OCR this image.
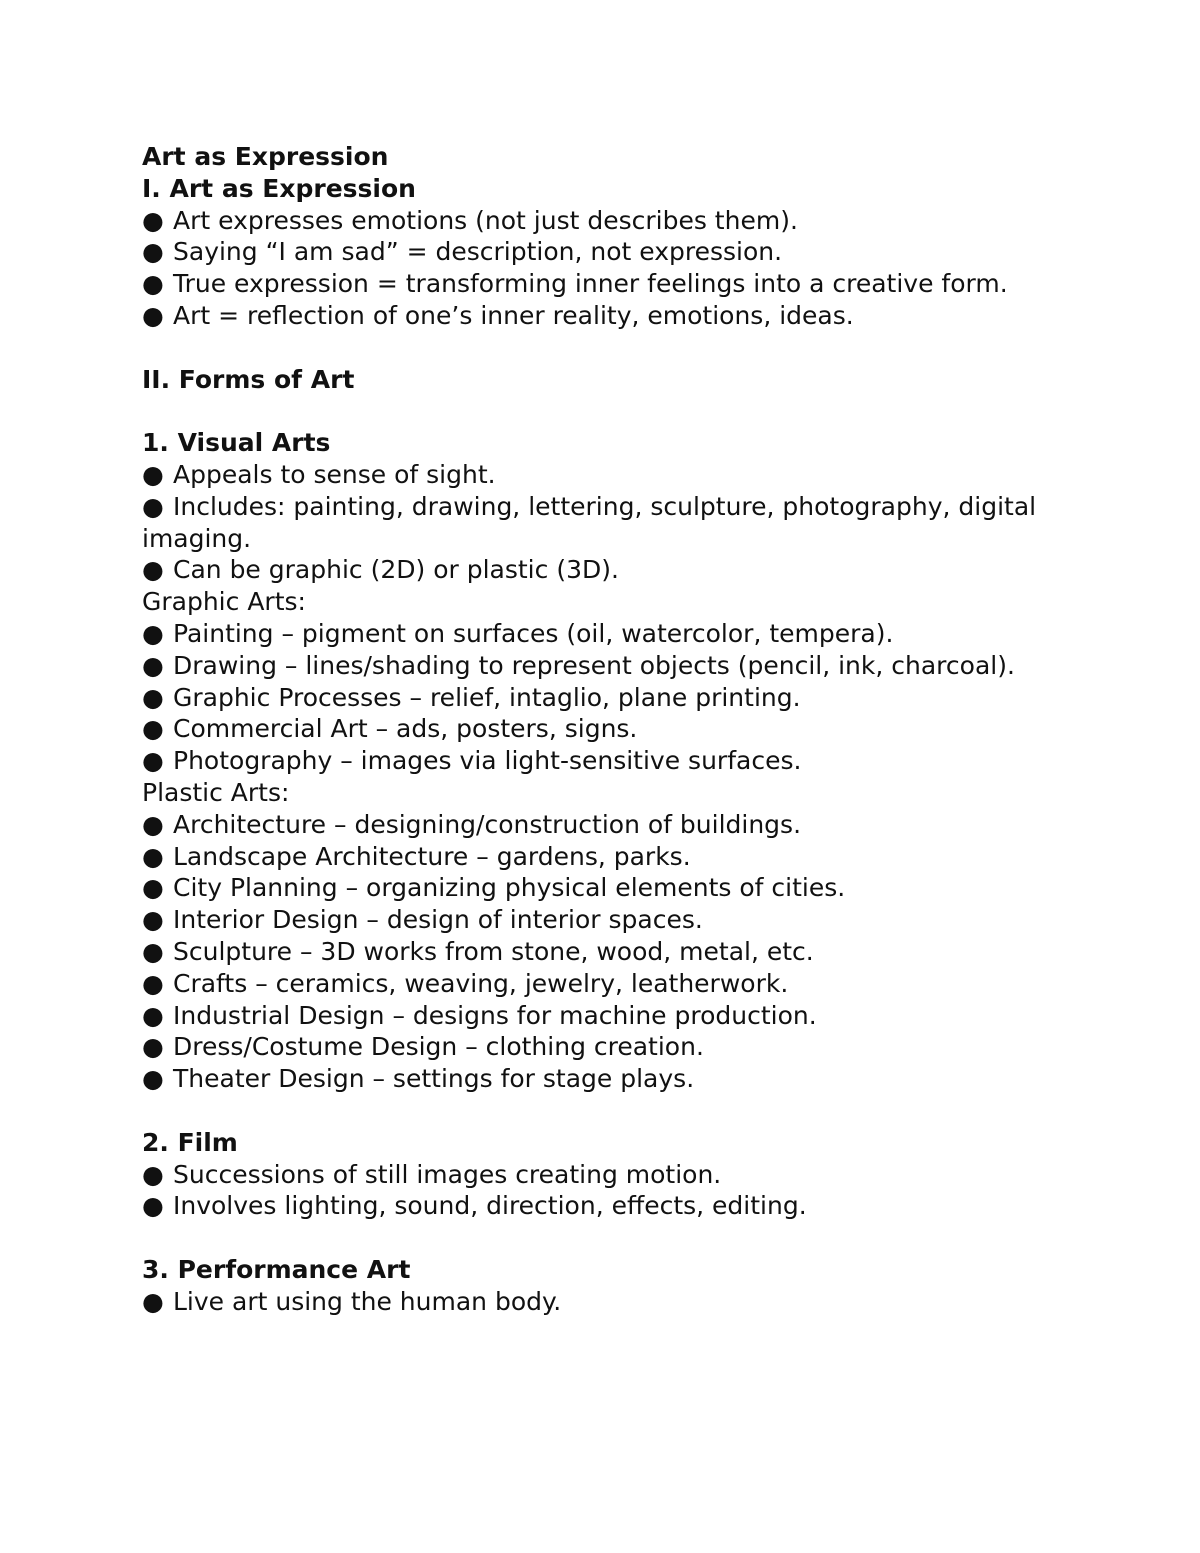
Art as Expression

I. Art as Expression

● Art expresses emotions (not just describes them).

● Saying “I am sad” = description, not expression.

● True expression = transforming inner feelings into a creative form.

● Art = reflection of one’s inner reality, emotions, ideas.

II. Forms of Art

1. Visual Arts

● Appeals to sense of sight.

● Includes: painting, drawing, lettering, sculpture, photography, digital imaging.

● Can be graphic (2D) or plastic (3D).

Graphic Arts:

● Painting – pigment on surfaces (oil, watercolor, tempera).

● Drawing – lines/shading to represent objects (pencil, ink, charcoal).

● Graphic Processes – relief, intaglio, plane printing.

● Commercial Art – ads, posters, signs.

● Photography – images via light-sensitive surfaces.

Plastic Arts:

● Architecture – designing/construction of buildings.

● Landscape Architecture – gardens, parks.

● City Planning – organizing physical elements of cities.

● Interior Design – design of interior spaces.

● Sculpture – 3D works from stone, wood, metal, etc.

● Crafts – ceramics, weaving, jewelry, leatherwork.

● Industrial Design – designs for machine production.

● Dress/Costume Design – clothing creation.

● Theater Design – settings for stage plays.

2. Film

● Successions of still images creating motion.

● Involves lighting, sound, direction, effects, editing.

3. Performance Art

● Live art using the human body.
